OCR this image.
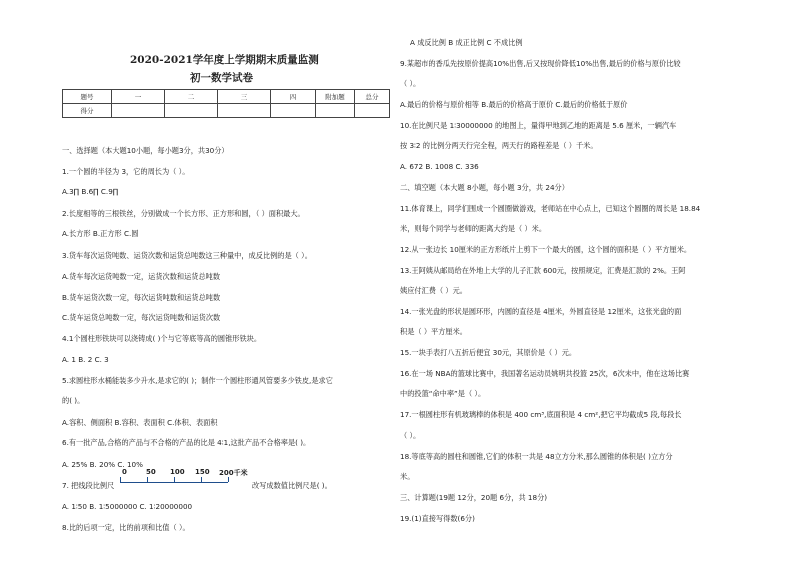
2020-2021学年度上学期期末质量监测
初一数学试卷
题号	一	二	三	四	附加题	总分
得分						
一、选择题（本大题10小题，每小题3分，共30分）
1.一个圆的半径为 3，它的周长为（ ）。
A.3∏ B.6∏ C.9∏
2.长度相等的三根铁丝，分别做成一个长方形、正方形和圆，（ ）面积最大。
A.长方形 B.正方形 C.圆
3.货车每次运货吨数、运货次数和运货总吨数这三种量中，成反比例的是（ ）。
A.货车每次运货吨数一定，运货次数和运货总吨数
B.货车运货次数一定，每次运货吨数和运货总吨数
C.货车运货总吨数一定，每次运货吨数和运货次数
4.1个圆柱形铁块可以浇铸成( )个与它等底等高的圆锥形铁块。
A. 1 B. 2 C. 3
5.求圆柱形水桶能装多少升水,是求它的( )；制作一个圆柱形通风管要多少铁皮,是求它
的( )。
A.容积、侧面积 B.容积、表面积 C.体积、表面积
6.有一批产品,合格的产品与不合格的产品的比是 4∶1,这批产品不合格率是( )。
A. 25% B. 20% C. 10%
7. 把线段比例尺
0	50 100 150 200千米
改写成数值比例尺是( )。
A. 1∶50 B. 1∶5000000 C. 1∶20000000
8.比的后项一定，比的前项和比值（ ）。
A 成反比例 B 成正比例 C 不成比例
9.某超市的香瓜先按原价提高10%出售,后又按现价降低10%出售,最后的价格与原价比较
（ ）。
A.最后的价格与原价相等 B.最后的价格高于原价 C.最后的价格低于原价
10.在比例尺是 1∶30000000 的地图上，量得甲地到乙地的距离是 5.6 厘米，一辆汽车
按 3∶2 的比例分两天行完全程，两天行的路程差是（ ）千米。
A. 672 B. 1008 C. 336
二、填空题（本大题 8小题，每小题 3分，共 24分）
11.体育课上，同学们围成一个圆圈做游戏，老师站在中心点上，已知这个圆圈的周长是 18.84
米，则每个同学与老师的距离大约是（ ）米。
12.从一张边长 10厘米的正方形纸片上剪下一个最大的圆，这个圆的面积是（ ）平方厘米。
13.王阿姨从邮局给在外地上大学的儿子汇款 600元，按照规定，汇费是汇款的 2%。王阿
姨应付汇费（ ）元。
14.一张光盘的形状是圆环形，内圆的直径是 4厘米，外圆直径是 12厘米，这张光盘的面
积是（ ）平方厘米。
15.一块手表打八五折后便宜 30元，其原价是（ ）元。
16.在一场 NBA的篮球比赛中，我国著名运动员姚明共投篮 25次，6次未中，他在这场比赛
中的投篮“命中率”是（ ）。
17.一根圆柱形有机玻璃棒的体积是 400 cm³,底面积是 4 cm²,把它平均截成5 段,每段长
（ ）。
18.等底等高的圆柱和圆锥,它们的体积一共是 48立方分米,那么圆锥的体积是( )立方分
米。
三、计算题(19题 12分，20题 6分，共 18分)
19.(1)直接写得数(6分)
